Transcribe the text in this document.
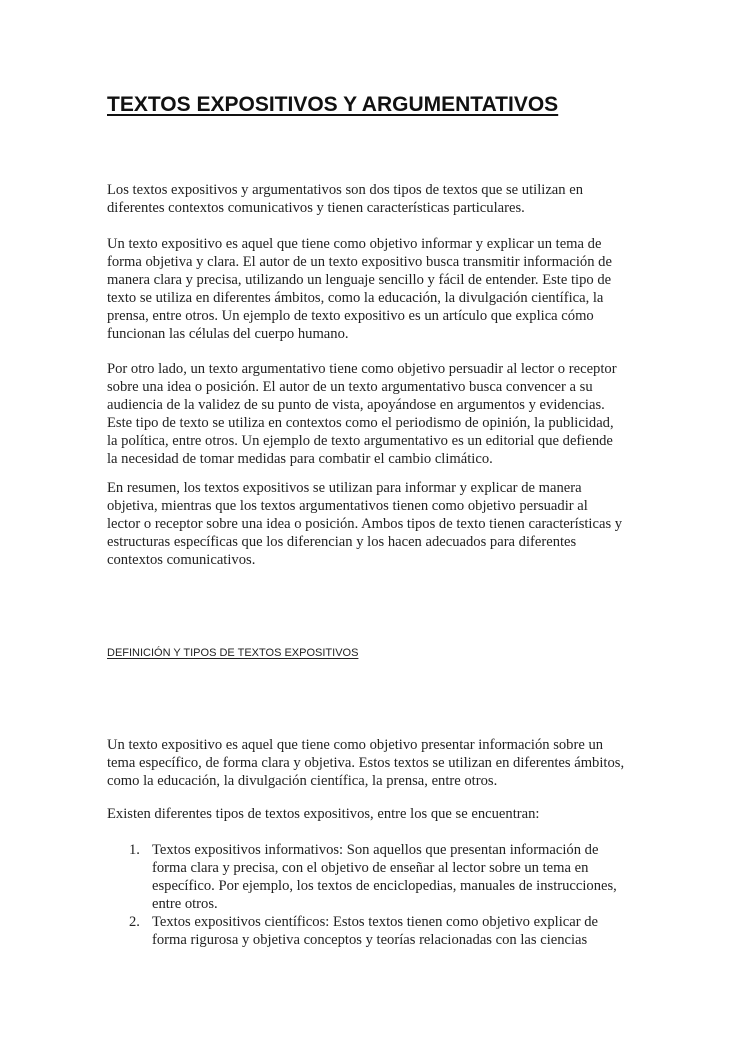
TEXTOS EXPOSITIVOS Y ARGUMENTATIVOS

Los textos expositivos y argumentativos son dos tipos de textos que se utilizan en
diferentes contextos comunicativos y tienen características particulares.

Un texto expositivo es aquel que tiene como objetivo informar y explicar un tema de
forma objetiva y clara. El autor de un texto expositivo busca transmitir información de
manera clara y precisa, utilizando un lenguaje sencillo y fácil de entender. Este tipo de
texto se utiliza en diferentes ámbitos, como la educación, la divulgación científica, la
prensa, entre otros. Un ejemplo de texto expositivo es un artículo que explica cómo
funcionan las células del cuerpo humano.

Por otro lado, un texto argumentativo tiene como objetivo persuadir al lector o receptor
sobre una idea o posición. El autor de un texto argumentativo busca convencer a su
audiencia de la validez de su punto de vista, apoyándose en argumentos y evidencias.
Este tipo de texto se utiliza en contextos como el periodismo de opinión, la publicidad,
la política, entre otros. Un ejemplo de texto argumentativo es un editorial que defiende
la necesidad de tomar medidas para combatir el cambio climático.

En resumen, los textos expositivos se utilizan para informar y explicar de manera
objetiva, mientras que los textos argumentativos tienen como objetivo persuadir al
lector o receptor sobre una idea o posición. Ambos tipos de texto tienen características y
estructuras específicas que los diferencian y los hacen adecuados para diferentes
contextos comunicativos.

DEFINICIÓN Y TIPOS DE TEXTOS EXPOSITIVOS

Un texto expositivo es aquel que tiene como objetivo presentar información sobre un
tema específico, de forma clara y objetiva. Estos textos se utilizan en diferentes ámbitos,
como la educación, la divulgación científica, la prensa, entre otros.

Existen diferentes tipos de textos expositivos, entre los que se encuentran:

1. Textos expositivos informativos: Son aquellos que presentan información de
forma clara y precisa, con el objetivo de enseñar al lector sobre un tema en
específico. Por ejemplo, los textos de enciclopedias, manuales de instrucciones,
entre otros.
2. Textos expositivos científicos: Estos textos tienen como objetivo explicar de
forma rigurosa y objetiva conceptos y teorías relacionadas con las ciencias
